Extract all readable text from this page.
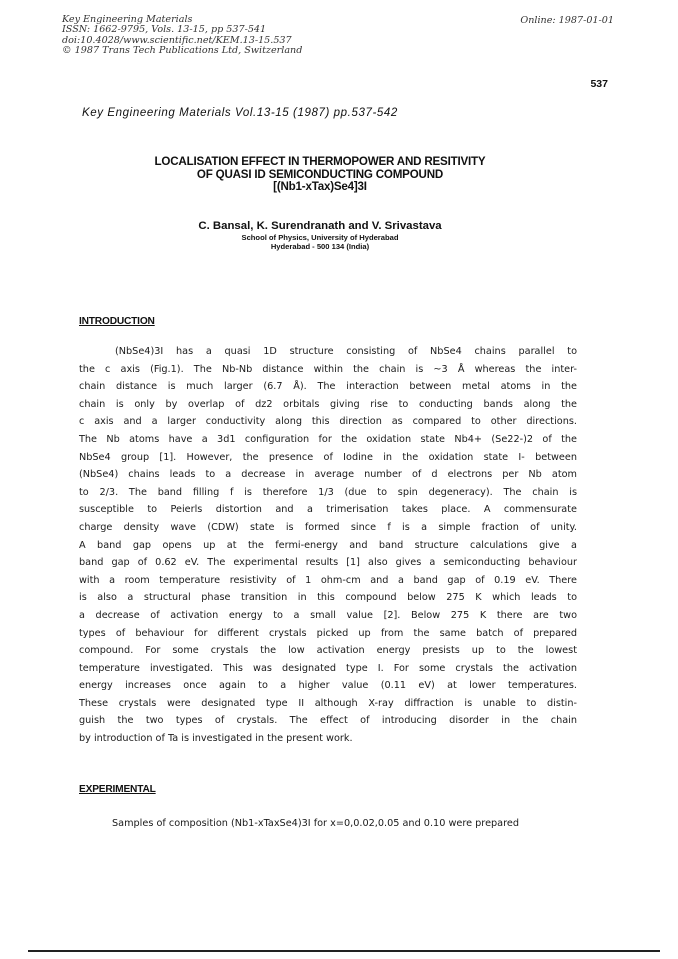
Key Engineering Materials
ISSN: 1662-9795, Vols. 13-15, pp 537-541
doi:10.4028/www.scientific.net/KEM.13-15.537
© 1987 Trans Tech Publications Ltd, Switzerland
Online: 1987-01-01
537
Key Engineering Materials Vol.13-15 (1987) pp.537-542
LOCALISATION EFFECT IN THERMOPOWER AND RESITIVITY
OF QUASI ID SEMICONDUCTING COMPOUND
[(Nb1-xTax)Se4]3I
C. Bansal, K. Surendranath and V. Srivastava
School of Physics, University of Hyderabad
Hyderabad - 500 134 (India)
INTRODUCTION
(NbSe4)3I has a quasi 1D structure consisting of NbSe4 chains parallel to
the c axis (Fig.1). The Nb-Nb distance within the chain is ~3 Å whereas the inter-
chain distance is much larger (6.7 Å). The interaction between metal atoms in the
chain is only by overlap of dz2 orbitals giving rise to conducting bands along the
c axis and a larger conductivity along this direction as compared to other directions.
The Nb atoms have a 3d1 configuration for the oxidation state Nb4+ (Se22-)2 of the
NbSe4 group [1]. However, the presence of Iodine in the oxidation state I- between
(NbSe4) chains leads to a decrease in average number of d electrons per Nb atom
to 2/3. The band filling f is therefore 1/3 (due to spin degeneracy). The chain is
susceptible to Peierls distortion and a trimerisation takes place. A commensurate
charge density wave (CDW) state is formed since f is a simple fraction of unity.
A band gap opens up at the fermi-energy and band structure calculations give a
band gap of 0.62 eV. The experimental results [1] also gives a semiconducting behaviour
with a room temperature resistivity of 1 ohm-cm and a band gap of 0.19 eV. There
is also a structural phase transition in this compound below 275 K which leads to
a decrease of activation energy to a small value [2]. Below 275 K there are two
types of behaviour for different crystals picked up from the same batch of prepared
compound. For some crystals the low activation energy presists up to the lowest
temperature investigated. This was designated type I. For some crystals the activation
energy increases once again to a higher value (0.11 eV) at lower temperatures.
These crystals were designated type II although X-ray diffraction is unable to distin-
guish the two types of crystals. The effect of introducing disorder in the chain
by introduction of Ta is investigated in the present work.
EXPERIMENTAL
Samples of composition (Nb1-xTaxSe4)3I for x=0,0.02,0.05 and 0.10 were prepared
